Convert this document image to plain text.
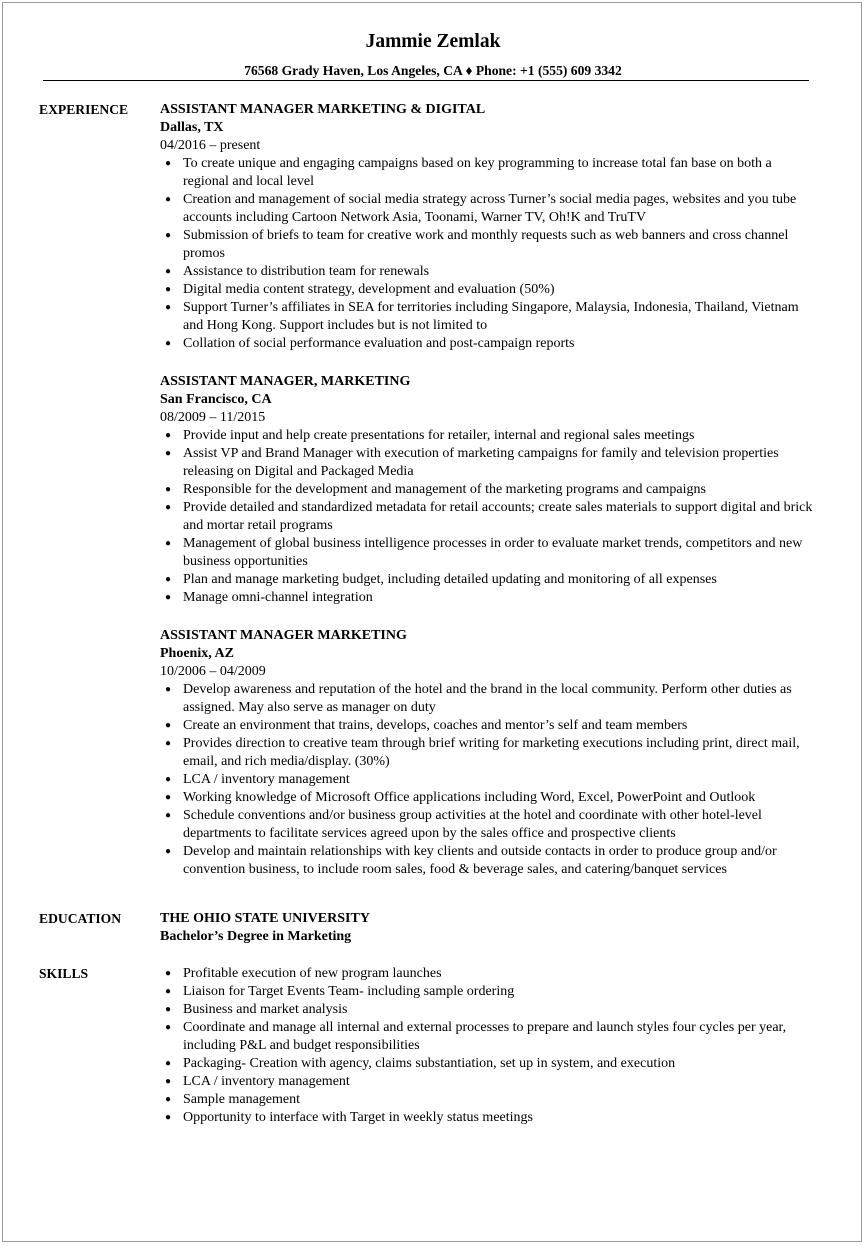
Jammie Zemlak
76568 Grady Haven, Los Angeles, CA ♦ Phone: +1 (555) 609 3342
EXPERIENCE ASSISTANT MANAGER MARKETING & DIGITAL
Dallas, TX
04/2016 – present
● To create unique and engaging campaigns based on key programming to increase total fan base on both a regional and local level
● Creation and management of social media strategy across Turner’s social media pages, websites and you tube accounts including Cartoon Network Asia, Toonami, Warner TV, Oh!K and TruTV
● Submission of briefs to team for creative work and monthly requests such as web banners and cross channel promos
● Assistance to distribution team for renewals
● Digital media content strategy, development and evaluation (50%)
● Support Turner’s affiliates in SEA for territories including Singapore, Malaysia, Indonesia, Thailand, Vietnam and Hong Kong. Support includes but is not limited to
● Collation of social performance evaluation and post-campaign reports
ASSISTANT MANAGER, MARKETING
San Francisco, CA
08/2009 – 11/2015
● Provide input and help create presentations for retailer, internal and regional sales meetings
● Assist VP and Brand Manager with execution of marketing campaigns for family and television properties releasing on Digital and Packaged Media
● Responsible for the development and management of the marketing programs and campaigns
● Provide detailed and standardized metadata for retail accounts; create sales materials to support digital and brick and mortar retail programs
● Management of global business intelligence processes in order to evaluate market trends, competitors and new business opportunities
● Plan and manage marketing budget, including detailed updating and monitoring of all expenses
● Manage omni-channel integration
ASSISTANT MANAGER MARKETING
Phoenix, AZ
10/2006 – 04/2009
● Develop awareness and reputation of the hotel and the brand in the local community. Perform other duties as assigned. May also serve as manager on duty
● Create an environment that trains, develops, coaches and mentor’s self and team members
● Provides direction to creative team through brief writing for marketing executions including print, direct mail, email, and rich media/display. (30%)
● LCA / inventory management
● Working knowledge of Microsoft Office applications including Word, Excel, PowerPoint and Outlook
● Schedule conventions and/or business group activities at the hotel and coordinate with other hotel-level departments to facilitate services agreed upon by the sales office and prospective clients
● Develop and maintain relationships with key clients and outside contacts in order to produce group and/or convention business, to include room sales, food & beverage sales, and catering/banquet services
EDUCATION	THE OHIO STATE UNIVERSITY
Bachelor’s Degree in Marketing
SKILLS	● Profitable execution of new program launches
● Liaison for Target Events Team- including sample ordering
● Business and market analysis
● Coordinate and manage all internal and external processes to prepare and launch styles four cycles per year, including P&L and budget responsibilities
● Packaging- Creation with agency, claims substantiation, set up in system, and execution
● LCA / inventory management
● Sample management
● Opportunity to interface with Target in weekly status meetings
